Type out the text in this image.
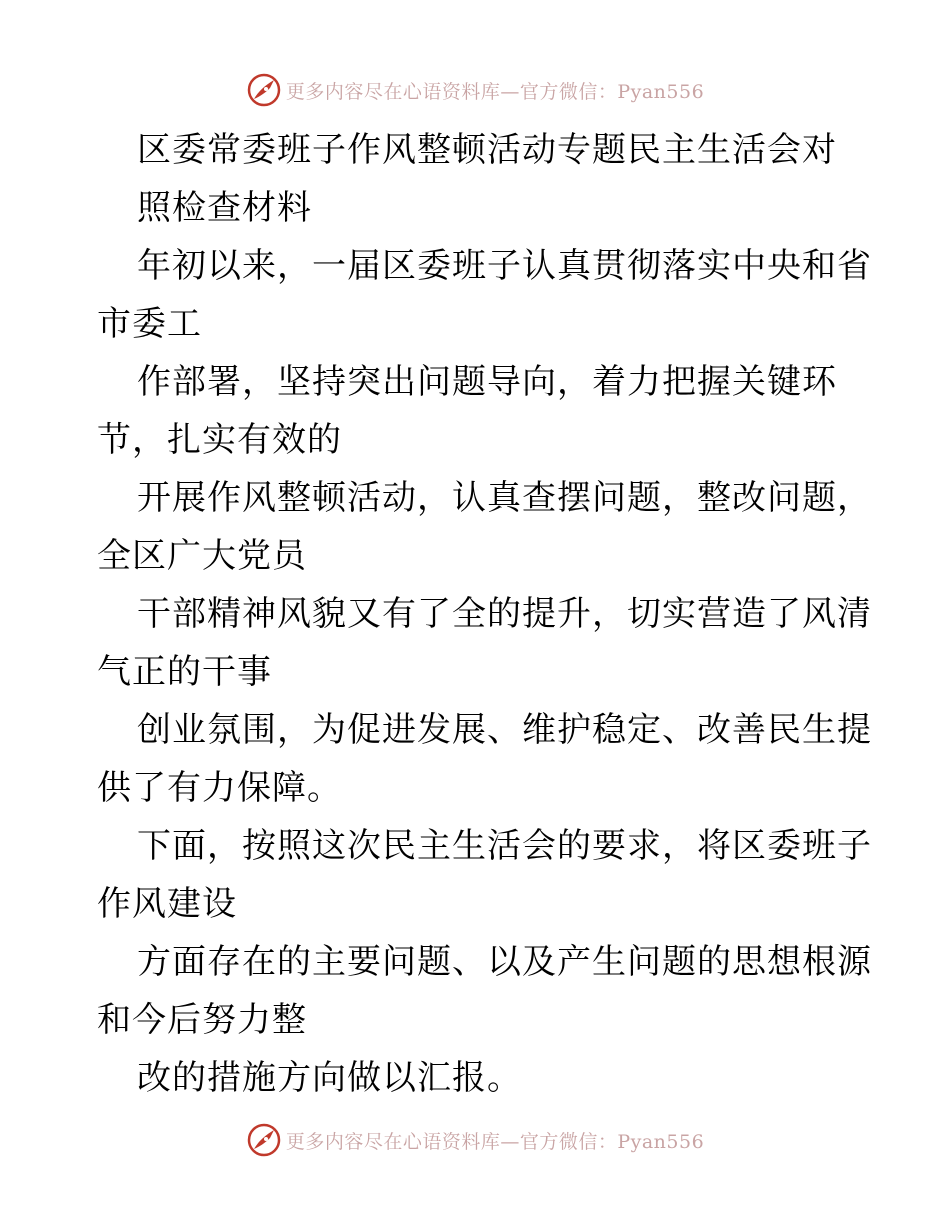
更多内容尽在心语资料库—官方微信：Pyan556
区委常委班子作风整顿活动专题民主生活会对
照检查材料
年初以来，一届区委班子认真贯彻落实中央和省
市委工
作部署，坚持突出问题导向，着力把握关键环
节，扎实有效的
开展作风整顿活动，认真查摆问题，整改问题，
全区广大党员
干部精神风貌又有了全的提升，切实营造了风清
气正的干事
创业氛围，为促进发展、维护稳定、改善民生提
供了有力保障。
下面，按照这次民主生活会的要求，将区委班子
作风建设
方面存在的主要问题、以及产生问题的思想根源
和今后努力整
改的措施方向做以汇报。
更多内容尽在心语资料库—官方微信：Pyan556
